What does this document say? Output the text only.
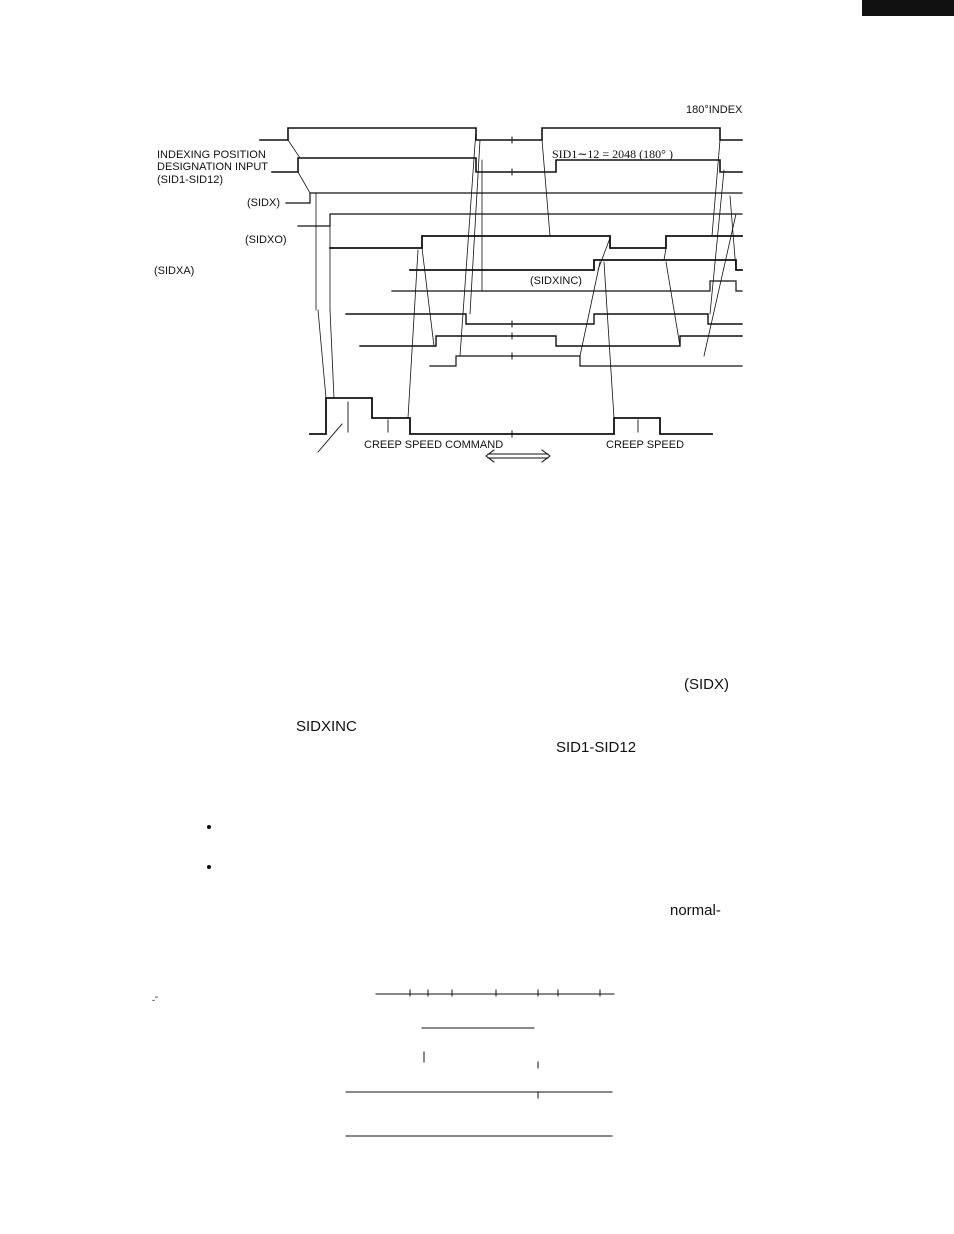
180°INDEX
INDEXING POSITION
DESIGNATION INPUT
(SID1-SID12)
(SIDX)
(SIDXO)
(SIDXA)
(SIDXINC)
SID1∼12 = 2048 (180° )
CREEP SPEED COMMAND	CREEP SPEED
(SIDX)
SIDXINC
SID1-SID12
normal-
-˜
